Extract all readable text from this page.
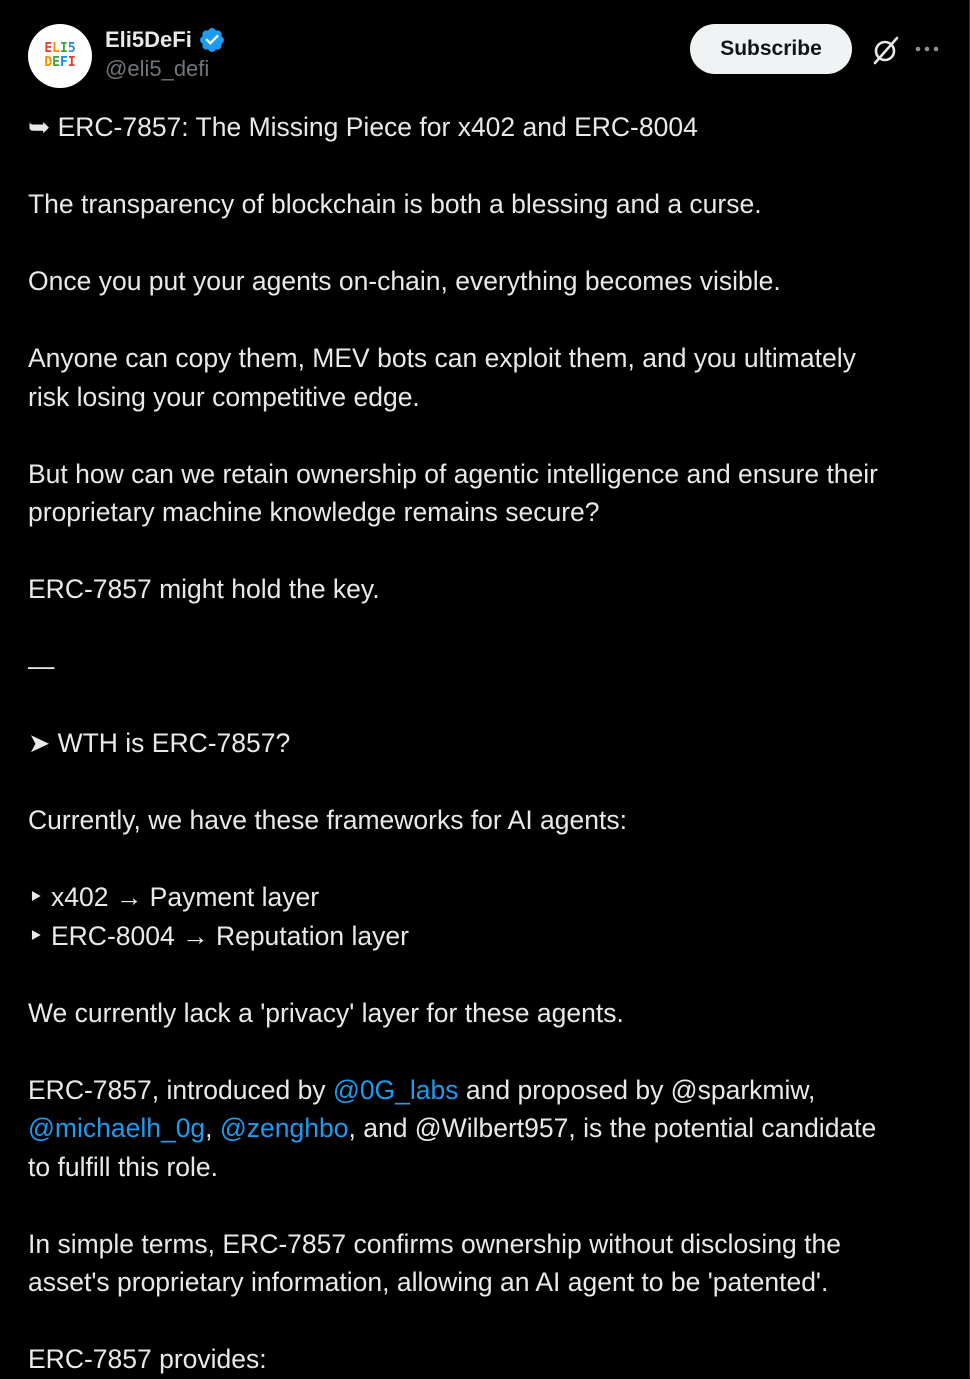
ELI5
DEFI
Eli5DeFi
@eli5_defi
Subscribe
➥ ERC-7857: The Missing Piece for x402 and ERC-8004
The transparency of blockchain is both a blessing and a curse.
Once you put your agents on-chain, everything becomes visible.
Anyone can copy them, MEV bots can exploit them, and you ultimately
risk losing your competitive edge.
But how can we retain ownership of agentic intelligence and ensure their
proprietary machine knowledge remains secure?
ERC-7857 might hold the key.
—
➤ WTH is ERC-7857?
Currently, we have these frameworks for AI agents:
‣ x402 → Payment layer
‣ ERC-8004 → Reputation layer
We currently lack a 'privacy' layer for these agents.
ERC-7857, introduced by @0G_labs and proposed by @sparkmiw,
@michaelh_0g, @zenghbo, and @Wilbert957, is the potential candidate
to fulfill this role.
In simple terms, ERC-7857 confirms ownership without disclosing the
asset's proprietary information, allowing an AI agent to be 'patented'.
ERC-7857 provides:
